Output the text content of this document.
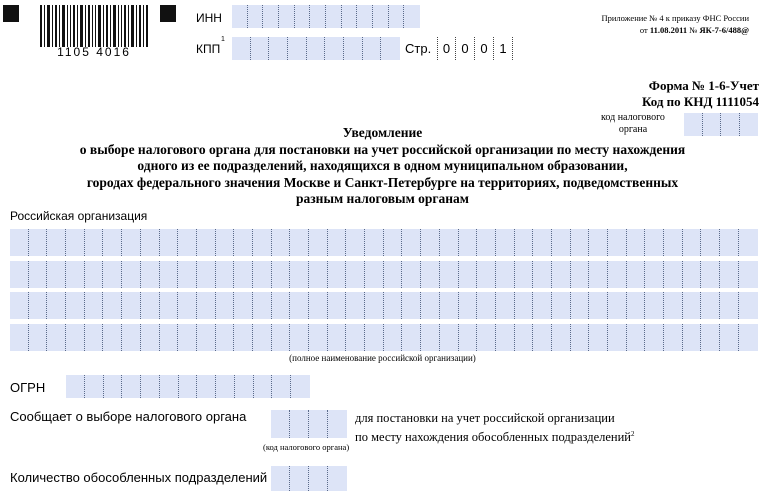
1105 4016
ИНН
КПП
1
Стр. 0 0 0 1
Приложение № 4 к приказу ФНС России
от 11.08.2011 № ЯК-7-6/488@
Форма № 1-6-Учет
Код по КНД 1111054
код налогового
органа
Уведомление
о выборе налогового органа для постановки на учет российской организации по месту нахождения
одного из ее подразделений, находящихся в одном муниципальном образовании,
городах федерального значения Москве и Санкт-Петербурге на территориях, подведомственных
разным налоговым органам
Российская организация
(полное наименование российской организации)
ОГРН
Сообщает о выборе налогового органа
(код налогового органа)
для постановки на учет российской организации
по месту нахождения обособленных подразделений$^2$
Количество обособленных подразделений
